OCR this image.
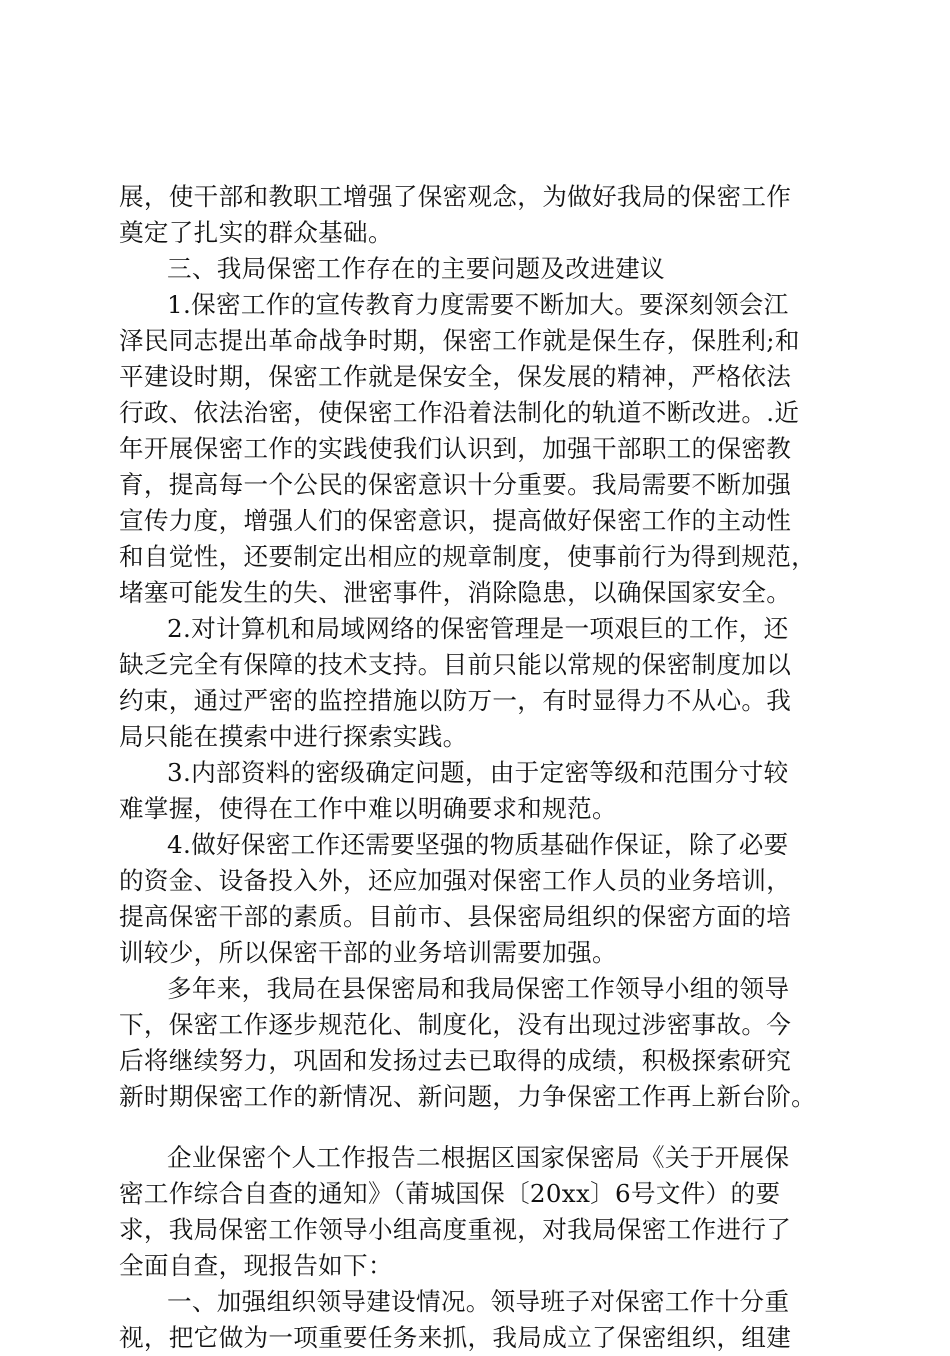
展，使干部和教职工增强了保密观念，为做好我局的保密工作
奠定了扎实的群众基础。
三、我局保密工作存在的主要问题及改进建议
1.保密工作的宣传教育力度需要不断加大。要深刻领会江
泽民同志提出革命战争时期，保密工作就是保生存，保胜利;和
平建设时期，保密工作就是保安全，保发展的精神，严格依法
行政、依法治密，使保密工作沿着法制化的轨道不断改进。.近
年开展保密工作的实践使我们认识到，加强干部职工的保密教
育，提高每一个公民的保密意识十分重要。我局需要不断加强
宣传力度，增强人们的保密意识，提高做好保密工作的主动性
和自觉性，还要制定出相应的规章制度，使事前行为得到规范，
堵塞可能发生的失、泄密事件，消除隐患，以确保国家安全。
2.对计算机和局域网络的保密管理是一项艰巨的工作，还
缺乏完全有保障的技术支持。目前只能以常规的保密制度加以
约束，通过严密的监控措施以防万一，有时显得力不从心。我
局只能在摸索中进行探索实践。
3.内部资料的密级确定问题，由于定密等级和范围分寸较
难掌握，使得在工作中难以明确要求和规范。
4.做好保密工作还需要坚强的物质基础作保证，除了必要
的资金、设备投入外，还应加强对保密工作人员的业务培训，
提高保密干部的素质。目前市、县保密局组织的保密方面的培
训较少，所以保密干部的业务培训需要加强。
多年来，我局在县保密局和我局保密工作领导小组的领导
下，保密工作逐步规范化、制度化，没有出现过涉密事故。今
后将继续努力，巩固和发扬过去已取得的成绩，积极探索研究
新时期保密工作的新情况、新问题，力争保密工作再上新台阶。
企业保密个人工作报告二根据区国家保密局《关于开展保
密工作综合自查的通知》（莆城国保〔20xx〕6号文件）的要
求，我局保密工作领导小组高度重视，对我局保密工作进行了
全面自查，现报告如下：
一、加强组织领导建设情况。领导班子对保密工作十分重
视，把它做为一项重要任务来抓，我局成立了保密组织，组建
